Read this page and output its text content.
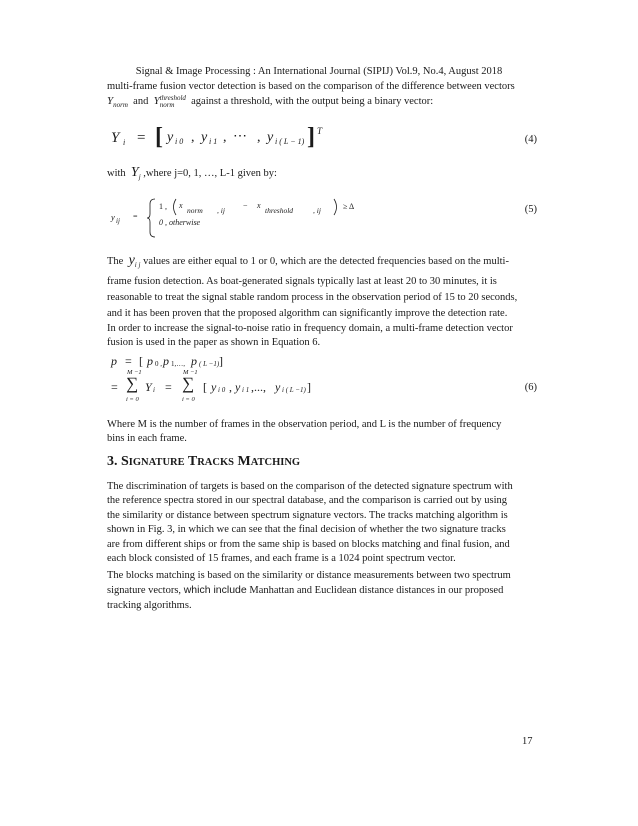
Signal & Image Processing : An International Journal (SIPIJ) Vol.9, No.4, August 2018

multi-frame fusion vector detection is based on the comparison of the difference between vectors
$Y_{norm}$ and Ythreshold
norm against a threshold, with the output being a binary vector:

Y i = [ y i 0 , y i 1 , ⋯ , y i ( L − 1) ] T
(4)

with $Y_j$ ,where j=0, 1, …, L-1 given by:

y ij =
1 , x
norm , ij
− x
threshold	, ij	≥ Δ
0 , otherwise
(5)

The $y_{i j}$ values are either equal to 1 or 0, which are the detected frequencies based on the multi-
frame fusion detection. As boat-generated signals typically last at least 20 to 30 minutes, it is
reasonable to treat the signal stable random process in the observation period of 15 to 20 seconds,
and it has been proven that the proposed algorithm can significantly improve the detection rate.

In order to increase the signal-to-noise ratio in frequency domain, a multi-frame detection vector
fusion is used in the paper as shown in Equation 6.

p = [ p 0 , p 1,…, p ( L −1) ]
=
M −1
∑
i = 0
Y i =
M −1
∑
i = 0
[ y i 0 , y i 1 ,..., y i ( L −1) ]	(6)

Where M is the number of frames in the observation period, and L is the number of frequency
bins in each frame.

3. SIGNATURE TRACKS MATCHING

The discrimination of targets is based on the comparison of the detected signature spectrum with
the reference spectra stored in our spectral database, and the comparison is carried out by using
the similarity or distance between spectrum signature vectors. The tracks matching algorithm is
shown in Fig. 3, in which we can see that the final decision of whether the two signature tracks
are from different ships or from the same ship is based on blocks matching and final fusion, and
each block consisted of 15 frames, and each frame is a 1024 point spectrum vector.

The blocks matching is based on the similarity or distance measurements between two spectrum
signature vectors, which include Manhattan and Euclidean distance distances in our proposed
tracking algorithms.

17
